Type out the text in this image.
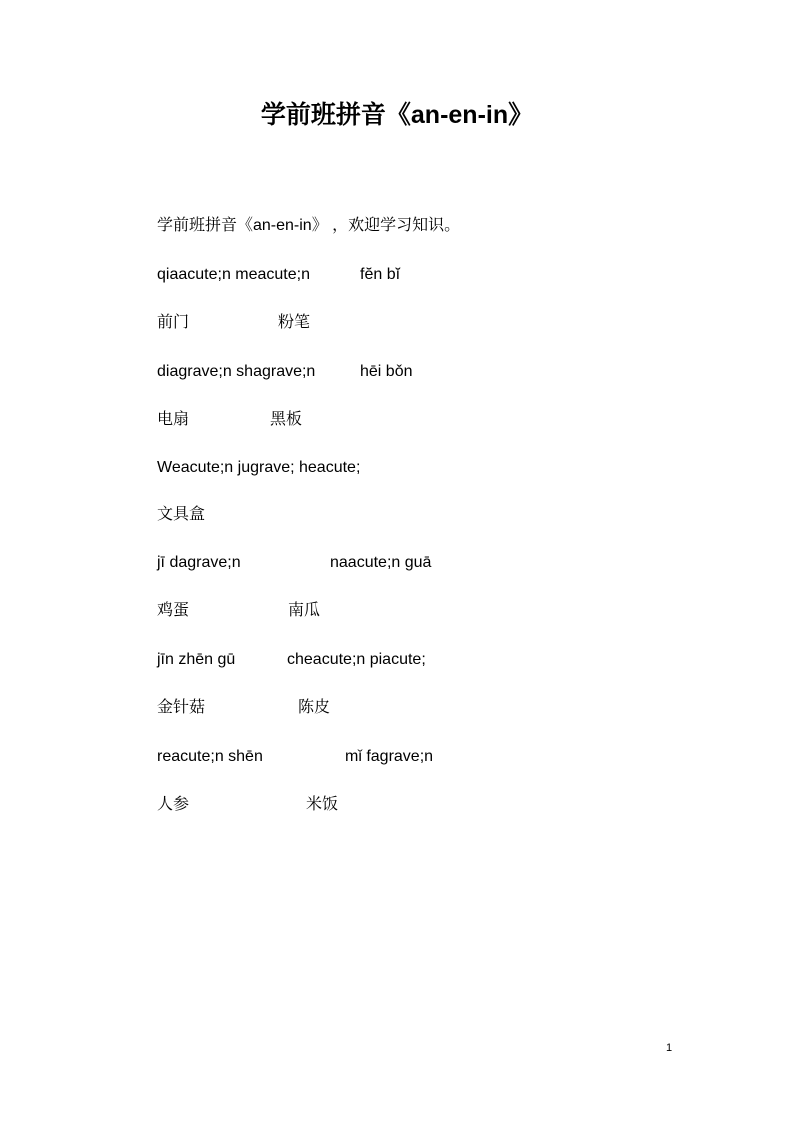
学前班拼音《an-en-in》
学前班拼音《an-en-in》 ，欢迎学习知识。
qiaacute;n meacute;n	fĕn bĭ
前门	粉笔
diagrave;n shagrave;n	hēi bǒn
电扇	黑板
Weacute;n jugrave; heacute;
文具盒
jī dagrave;n	naacute;n guā
鸡蛋	南瓜
jīn zhēn gū	cheacute;n piacute;
金针菇	陈皮
reacute;n shēn	mǐ fagrave;n
人参	米饭
1
